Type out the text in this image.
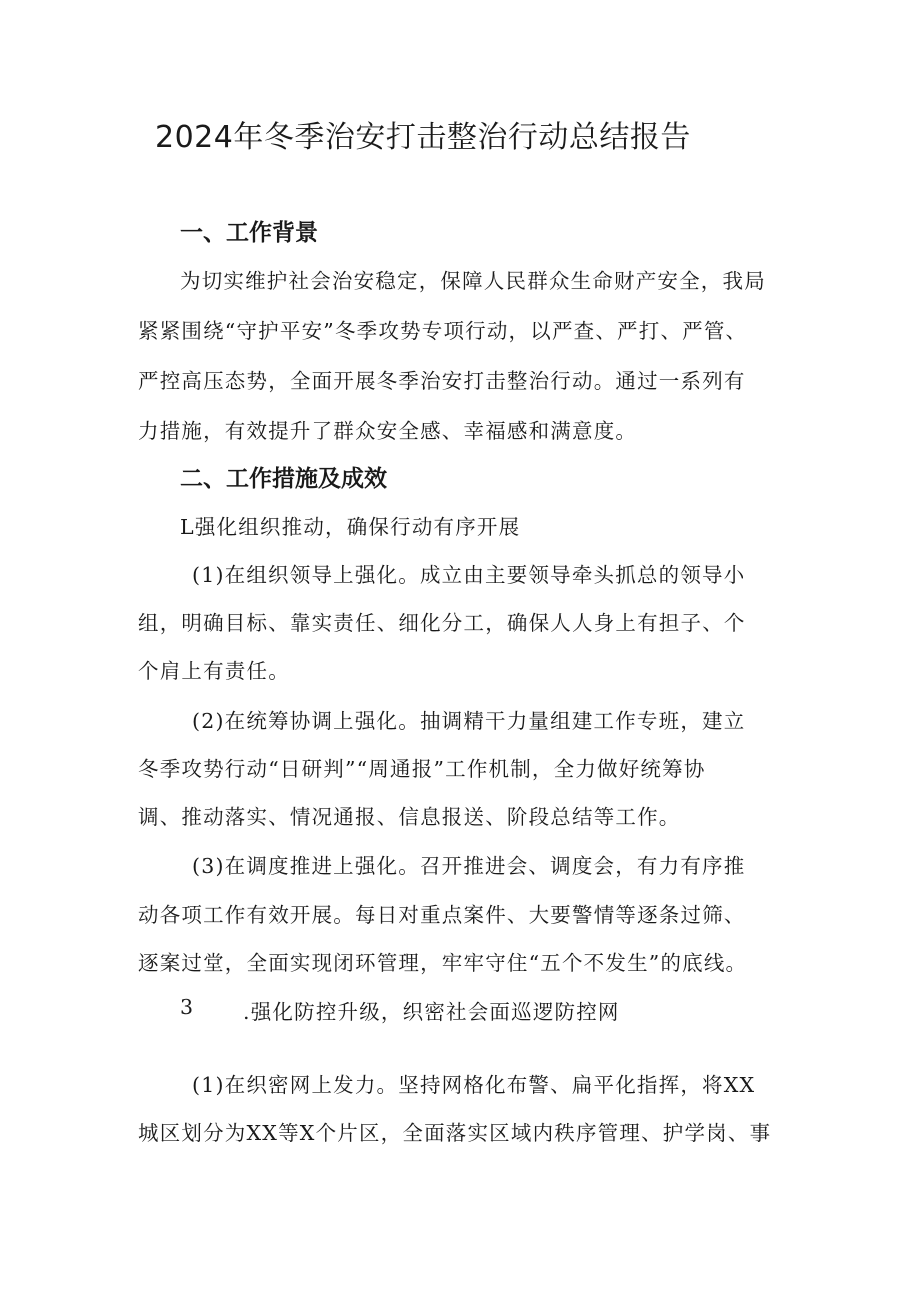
2024年冬季治安打击整治行动总结报告
一、工作背景

为切实维护社会治安稳定，保障人民群众生命财产安全，我局

紧紧围绕“守护平安”冬季攻势专项行动，以严查、严打、严管、

严控高压态势，全面开展冬季治安打击整治行动。通过一系列有

力措施，有效提升了群众安全感、幸福感和满意度。

二、工作措施及成效

L强化组织推动，确保行动有序开展

(1)在组织领导上强化。成立由主要领导牵头抓总的领导小

组，明确目标、靠实责任、细化分工，确保人人身上有担子、个

个肩上有责任。

(2)在统筹协调上强化。抽调精干力量组建工作专班，建立

冬季攻势行动“日研判”“周通报”工作机制，全力做好统筹协

调、推动落实、情况通报、信息报送、阶段总结等工作。

(3)在调度推进上强化。召开推进会、调度会，有力有序推

动各项工作有效开展。每日对重点案件、大要警情等逐条过筛、

逐案过堂，全面实现闭环管理，牢牢守住“五个不发生”的底线。

3 .强化防控升级，织密社会面巡逻防控网

(1)在织密网上发力。坚持网格化布警、扁平化指挥，将XX

城区划分为XX等X个片区，全面落实区域内秩序管理、护学岗、事
